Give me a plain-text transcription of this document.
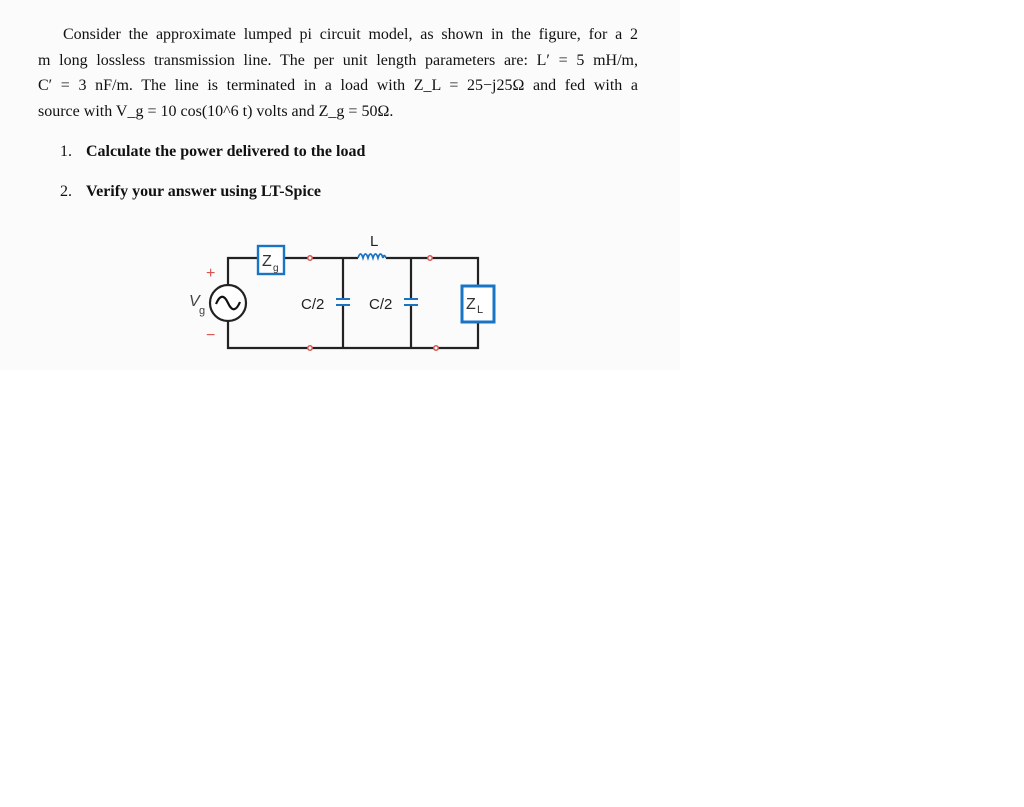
Consider the approximate lumped pi circuit model, as shown in the figure, for a 2
m long lossless transmission line. The per unit length parameters are: L′ = 5 mH/m,
C′ = 3 nF/m. The line is terminated in a load with Z_L = 25−j25Ω and fed with a
source with V_g = 10 cos(10^6 t) volts and Z_g = 50Ω.
1. Calculate the power delivered to the load
2. Verify your answer using LT-Spice
+
−
V
g
Z g
L
C/2	C/2	Z L
